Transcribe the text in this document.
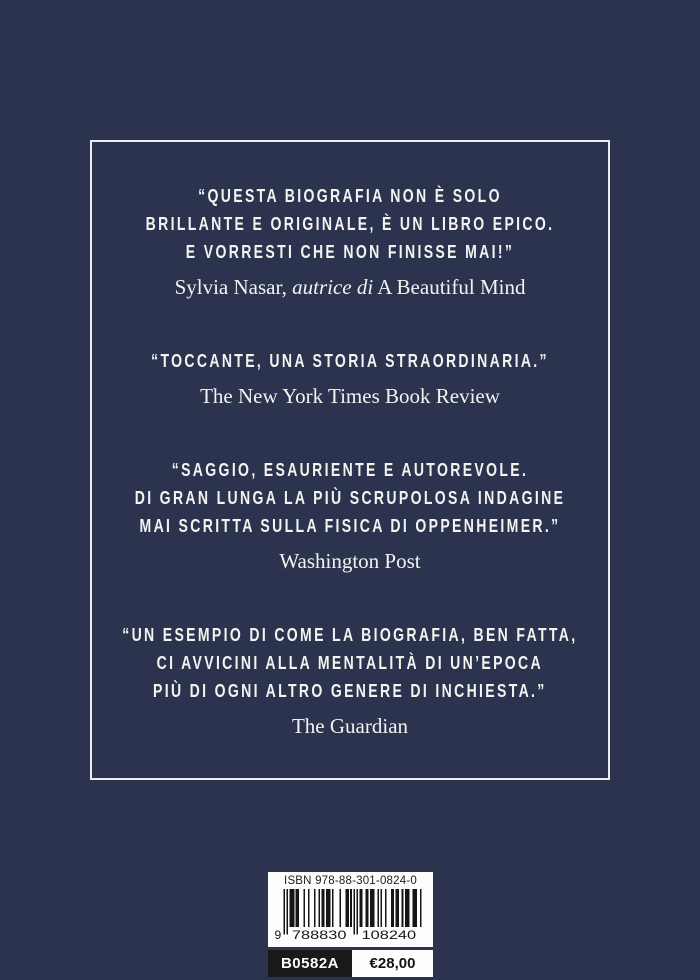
“QUESTA BIOGRAFIA NON È SOLO
BRILLANTE E ORIGINALE, È UN LIBRO EPICO.
E VORRESTI CHE NON FINISSE MAI!”
Sylvia Nasar, autrice di A Beautiful Mind
“TOCCANTE, UNA STORIA STRAORDINARIA.”
The New York Times Book Review
“SAGGIO, ESAURIENTE E AUTOREVOLE.
DI GRAN LUNGA LA PIÙ SCRUPOLOSA INDAGINE
MAI SCRITTA SULLA FISICA DI OPPENHEIMER.”
Washington Post
“UN ESEMPIO DI COME LA BIOGRAFIA, BEN FATTA,
CI AVVICINI ALLA MENTALITÀ DI UN’EPOCA
PIÙ DI OGNI ALTRO GENERE DI INCHIESTA.”
The Guardian
ISBN 978-88-301-0824-0
9 788830 108240
B0582A €28,00
